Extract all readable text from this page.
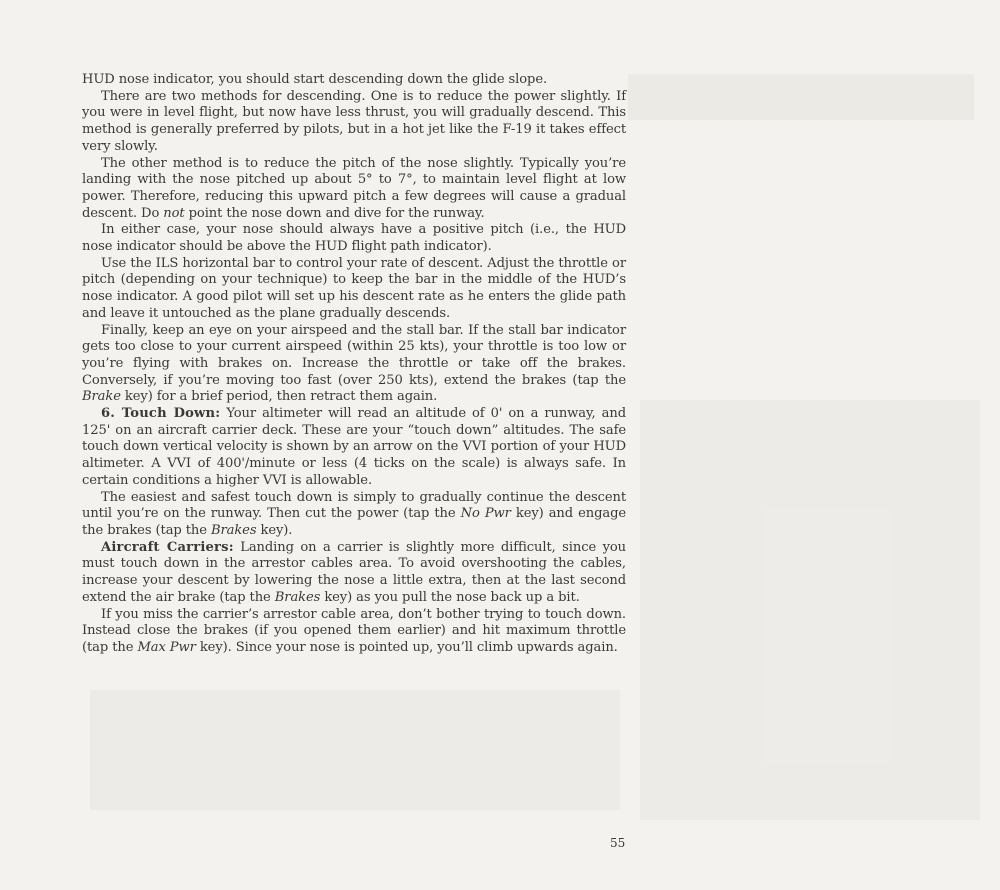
HUD nose indicator, you should start descending down the glide slope.

There are two methods for descending. One is to reduce the power slightly. If you were in level flight, but now have less thrust, you will gradually descend. This method is generally preferred by pilots, but in a hot jet like the F-19 it takes effect very slowly.

The other method is to reduce the pitch of the nose slightly. Typically you’re landing with the nose pitched up about 5° to 7°, to maintain level flight at low power. Therefore, reducing this upward pitch a few degrees will cause a gradual descent. Do not point the nose down and dive for the runway.

In either case, your nose should always have a positive pitch (i.e., the HUD nose indicator should be above the HUD flight path indicator).

Use the ILS horizontal bar to control your rate of descent. Adjust the throttle or pitch (depending on your technique) to keep the bar in the middle of the HUD’s nose indicator. A good pilot will set up his descent rate as he enters the glide path and leave it untouched as the plane gradually descends.

Finally, keep an eye on your airspeed and the stall bar. If the stall bar indicator gets too close to your current airspeed (within 25 kts), your throttle is too low or you’re flying with brakes on. Increase the throttle or take off the brakes. Conversely, if you’re moving too fast (over 250 kts), extend the brakes (tap the Brake key) for a brief period, then retract them again.

6. Touch Down: Your altimeter will read an altitude of 0' on a runway, and 125' on an aircraft carrier deck. These are your “touch down” altitudes. The safe touch down vertical velocity is shown by an arrow on the VVI portion of your HUD altimeter. A VVI of 400'/minute or less (4 ticks on the scale) is always safe. In certain conditions a higher VVI is allowable.

The easiest and safest touch down is simply to gradually continue the descent until you’re on the runway. Then cut the power (tap the No Pwr key) and engage the brakes (tap the Brakes key).

Aircraft Carriers: Landing on a carrier is slightly more difficult, since you must touch down in the arrestor cables area. To avoid overshooting the cables, increase your descent by lowering the nose a little extra, then at the last second extend the air brake (tap the Brakes key) as you pull the nose back up a bit.

If you miss the carrier’s arrestor cable area, don’t bother trying to touch down. Instead close the brakes (if you opened them earlier) and hit maximum throttle (tap the Max Pwr key). Since your nose is pointed up, you’ll climb upwards again.

55
